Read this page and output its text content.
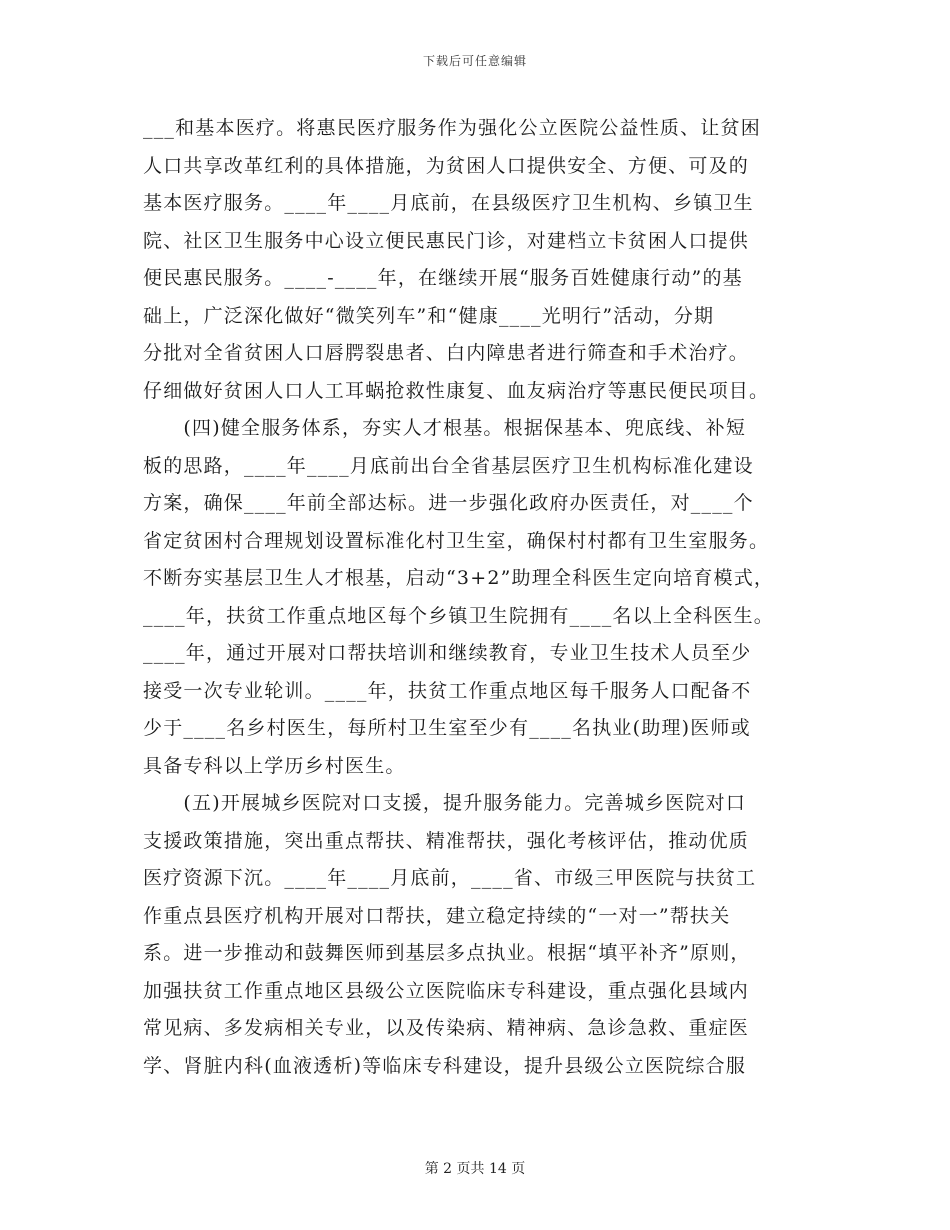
下载后可任意编辑
___和基本医疗。将惠民医疗服务作为强化公立医院公益性质、让贫困
人口共享改革红利的具体措施，为贫困人口提供安全、方便、可及的
基本医疗服务。____年____月底前，在县级医疗卫生机构、乡镇卫生
院、社区卫生服务中心设立便民惠民门诊，对建档立卡贫困人口提供
便民惠民服务。____-____年，在继续开展“服务百姓健康行动”的基
础上，广泛深化做好“微笑列车”和“健康____光明行”活动，分期
分批对全省贫困人口唇腭裂患者、白内障患者进行筛查和手术治疗。
仔细做好贫困人口人工耳蜗抢救性康复、血友病治疗等惠民便民项目。
　　(四)健全服务体系，夯实人才根基。根据保基本、兜底线、补短
板的思路，____年____月底前出台全省基层医疗卫生机构标准化建设
方案，确保____年前全部达标。进一步强化政府办医责任，对____个
省定贫困村合理规划设置标准化村卫生室，确保村村都有卫生室服务。
不断夯实基层卫生人才根基，启动“3+2”助理全科医生定向培育模式，
____年，扶贫工作重点地区每个乡镇卫生院拥有____名以上全科医生。
____年，通过开展对口帮扶培训和继续教育，专业卫生技术人员至少
接受一次专业轮训。____年，扶贫工作重点地区每千服务人口配备不
少于____名乡村医生，每所村卫生室至少有____名执业(助理)医师或
具备专科以上学历乡村医生。
　　(五)开展城乡医院对口支援，提升服务能力。完善城乡医院对口
支援政策措施，突出重点帮扶、精准帮扶，强化考核评估，推动优质
医疗资源下沉。____年____月底前，____省、市级三甲医院与扶贫工
作重点县医疗机构开展对口帮扶，建立稳定持续的“一对一”帮扶关
系。进一步推动和鼓舞医师到基层多点执业。根据“填平补齐”原则，
加强扶贫工作重点地区县级公立医院临床专科建设，重点强化县域内
常见病、多发病相关专业，以及传染病、精神病、急诊急救、重症医
学、肾脏内科(血液透析)等临床专科建设，提升县级公立医院综合服
第 2 页共 14 页
